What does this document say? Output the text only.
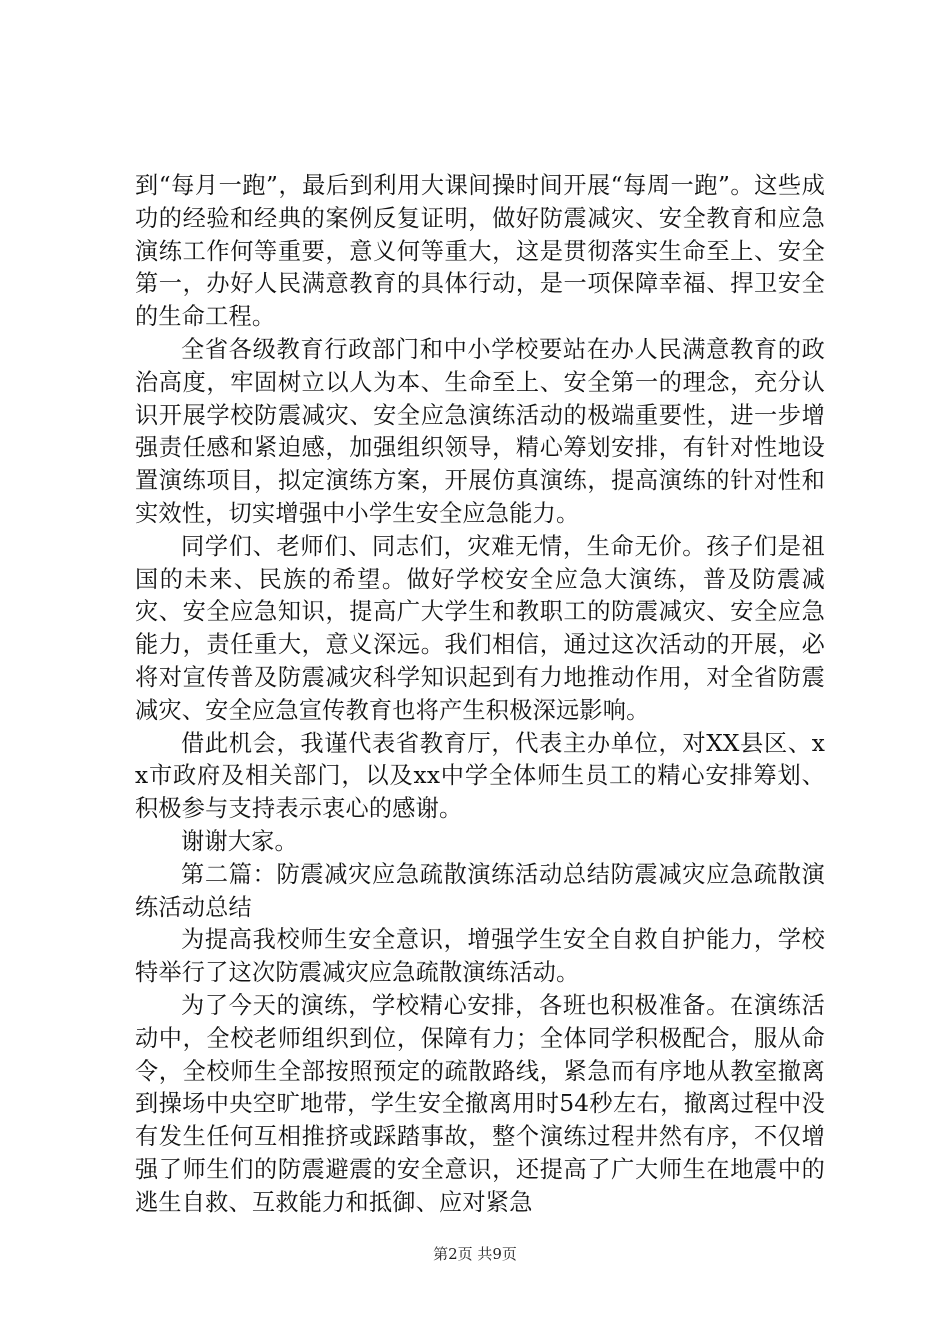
到“每月一跑”，最后到利用大课间操时间开展“每周一跑”。这些成功的经验和经典的案例反复证明，做好防震减灾、安全教育和应急演练工作何等重要，意义何等重大，这是贯彻落实生命至上、安全第一，办好人民满意教育的具体行动，是一项保障幸福、捍卫安全的生命工程。

全省各级教育行政部门和中小学校要站在办人民满意教育的政治高度，牢固树立以人为本、生命至上、安全第一的理念，充分认识开展学校防震减灾、安全应急演练活动的极端重要性，进一步增强责任感和紧迫感，加强组织领导，精心筹划安排，有针对性地设置演练项目，拟定演练方案，开展仿真演练，提高演练的针对性和实效性，切实增强中小学生安全应急能力。

同学们、老师们、同志们，灾难无情，生命无价。孩子们是祖国的未来、民族的希望。做好学校安全应急大演练，普及防震减灾、安全应急知识，提高广大学生和教职工的防震减灾、安全应急能力，责任重大，意义深远。我们相信，通过这次活动的开展，必将对宣传普及防震减灾科学知识起到有力地推动作用，对全省防震减灾、安全应急宣传教育也将产生积极深远影响。

借此机会，我谨代表省教育厅，代表主办单位，对XX县区、xx市政府及相关部门，以及xx中学全体师生员工的精心安排筹划、积极参与支持表示衷心的感谢。

谢谢大家。

第二篇：防震减灾应急疏散演练活动总结防震减灾应急疏散演练活动总结

为提高我校师生安全意识，增强学生安全自救自护能力，学校特举行了这次防震减灾应急疏散演练活动。

为了今天的演练，学校精心安排，各班也积极准备。在演练活动中，全校老师组织到位，保障有力；全体同学积极配合，服从命令，全校师生全部按照预定的疏散路线，紧急而有序地从教室撤离到操场中央空旷地带，学生安全撤离用时54秒左右，撤离过程中没有发生任何互相推挤或踩踏事故，整个演练过程井然有序，不仅增强了师生们的防震避震的安全意识，还提高了广大师生在地震中的逃生自救、互救能力和抵御、应对紧急

第2页 共9页
